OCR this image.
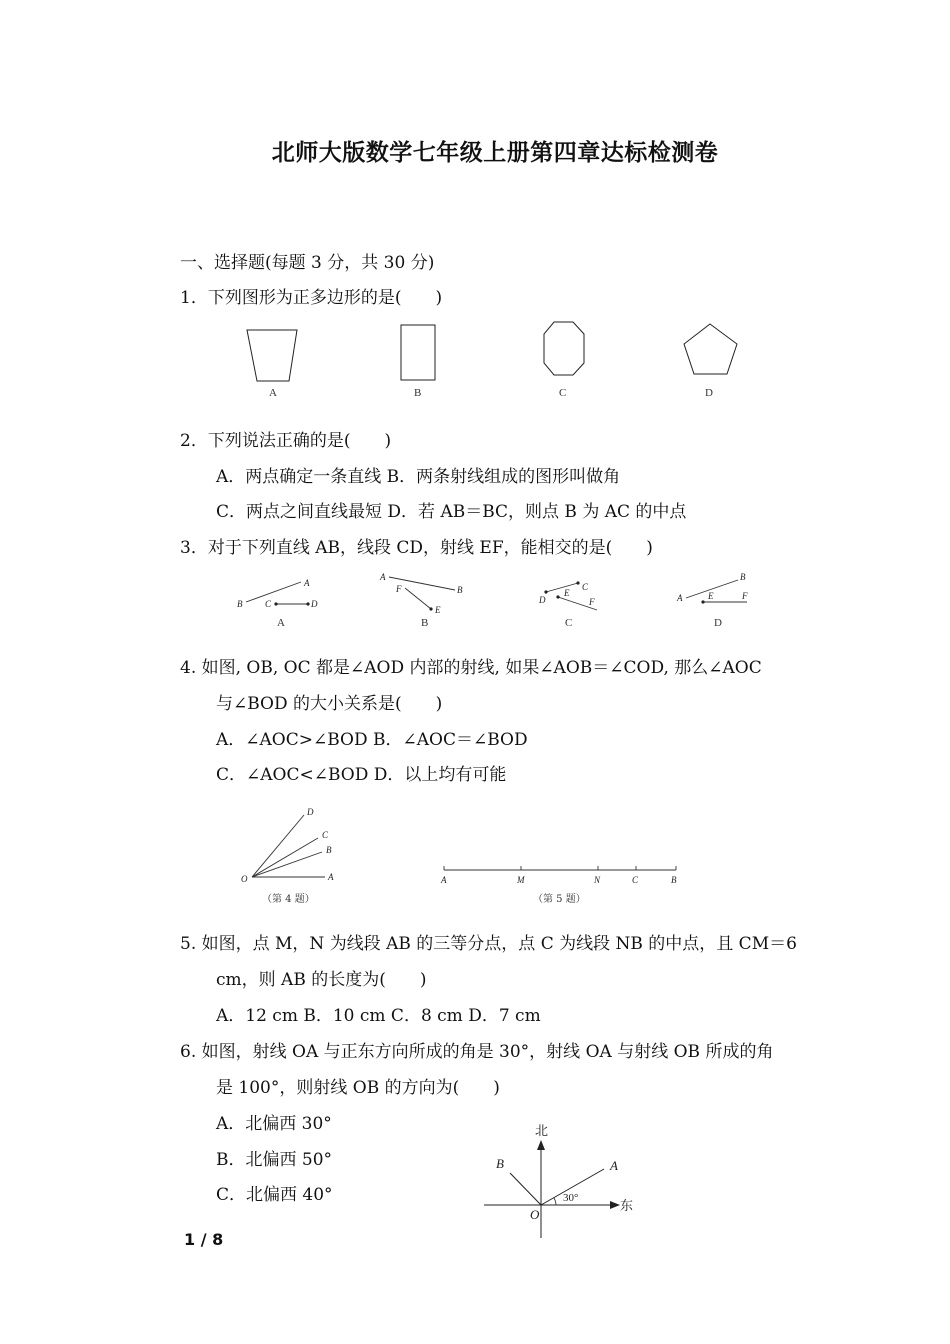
北师大版数学七年级上册第四章达标检测卷
一、选择题(每题 3 分，共 30 分)
1．下列图形为正多边形的是(　　)
A	B	C	D
2．下列说法正确的是(　　)
A．两点确定一条直线 B．两条射线组成的图形叫做角
C．两点之间直线最短 D．若 AB＝BC，则点 B 为 AC 的中点
3．对于下列直线 AB，线段 CD，射线 EF，能相交的是(　　)
A
B	C	D
A
B
F
E
C
D
E
F
B
A	E	F
A	B	C	D
4. 如图, OB, OC 都是∠AOD 内部的射线, 如果∠AOB＝∠COD, 那么∠AOC
与∠BOD 的大小关系是(　　)
A．∠AOC>∠BOD B．∠AOC＝∠BOD
C．∠AOC<∠BOD D．以上均有可能
O	A
B
C
D
（第 4 题）
A	M	N	C	B
（第 5 题）
5. 如图，点 M，N 为线段 AB 的三等分点，点 C 为线段 NB 的中点，且 CM＝6
cm，则 AB 的长度为(　　)
A．12 cm B．10 cm C．8 cm D．7 cm
6. 如图，射线 OA 与正东方向所成的角是 30°，射线 OA 与射线 OB 所成的角
是 100°，则射线 OB 的方向为(　　)
A．北偏西 30°
B．北偏西 50°
C．北偏西 40°
北
东
30°
O
A
B
1 / 8
